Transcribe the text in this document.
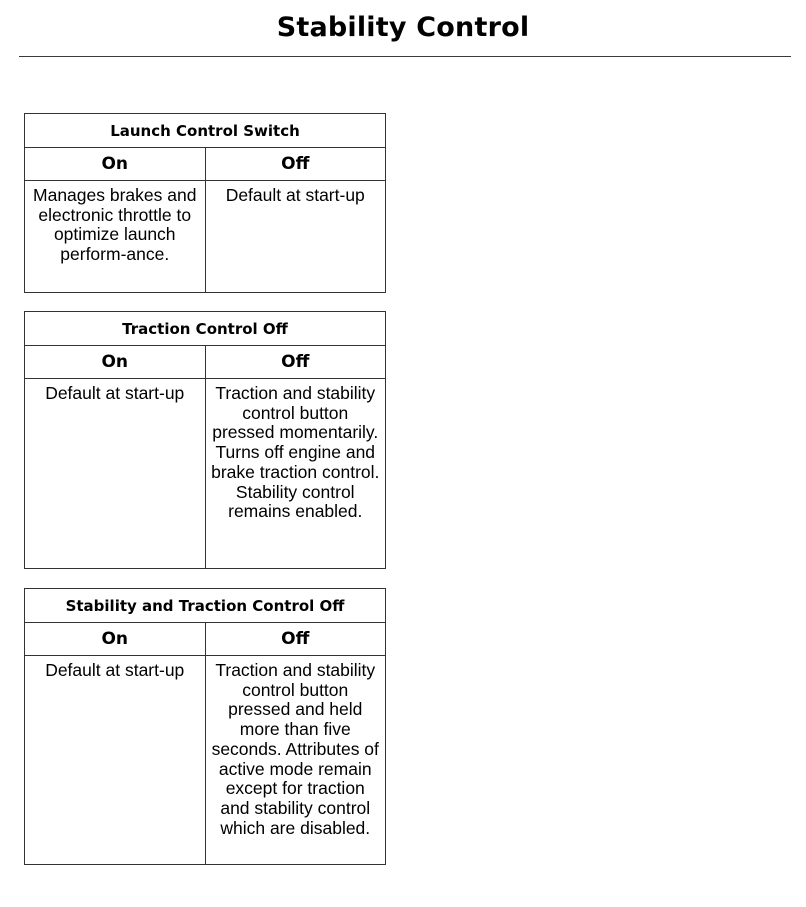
Stability Control
Launch Control Switch	
On	Off
Manages brakes and electronic throttle to optimize launch perform-ance.	Default at start-up
Traction Control Off	
On	Off
Default at start-up	Traction and stability control button pressed momentarily. Turns off engine and brake traction control. Stability control remains enabled.
Stability and Traction Control Off	
On	Off
Default at start-up	Traction and stability control button pressed and held more than five seconds. Attributes of active mode remain except for traction and stability control which are disabled.
